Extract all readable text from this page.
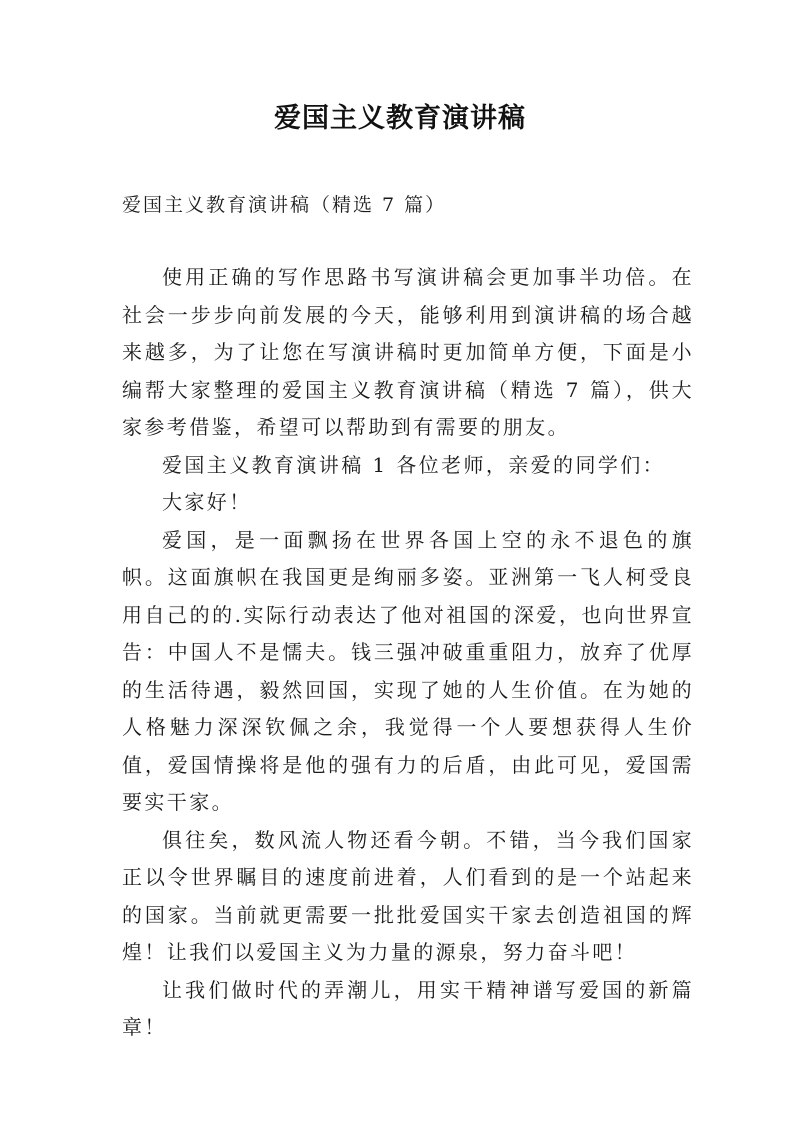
爱国主义教育演讲稿
爱国主义教育演讲稿（精选 7 篇）

使用正确的写作思路书写演讲稿会更加事半功倍。在社会一步步向前发展的今天，能够利用到演讲稿的场合越来越多，为了让您在写演讲稿时更加简单方便，下面是小编帮大家整理的爱国主义教育演讲稿（精选 7 篇），供大家参考借鉴，希望可以帮助到有需要的朋友。

爱国主义教育演讲稿 1 各位老师，亲爱的同学们：

大家好！

爱国，是一面飘扬在世界各国上空的永不退色的旗帜。这面旗帜在我国更是绚丽多姿。亚洲第一飞人柯受良用自己的的.实际行动表达了他对祖国的深爱，也向世界宣告：中国人不是懦夫。钱三强冲破重重阻力，放弃了优厚的生活待遇，毅然回国，实现了她的人生价值。在为她的人格魅力深深钦佩之余，我觉得一个人要想获得人生价值，爱国情操将是他的强有力的后盾，由此可见，爱国需要实干家。

俱往矣，数风流人物还看今朝。不错，当今我们国家正以令世界瞩目的速度前进着，人们看到的是一个站起来的国家。当前就更需要一批批爱国实干家去创造祖国的辉煌！让我们以爱国主义为力量的源泉，努力奋斗吧！

让我们做时代的弄潮儿，用实干精神谱写爱国的新篇章！
